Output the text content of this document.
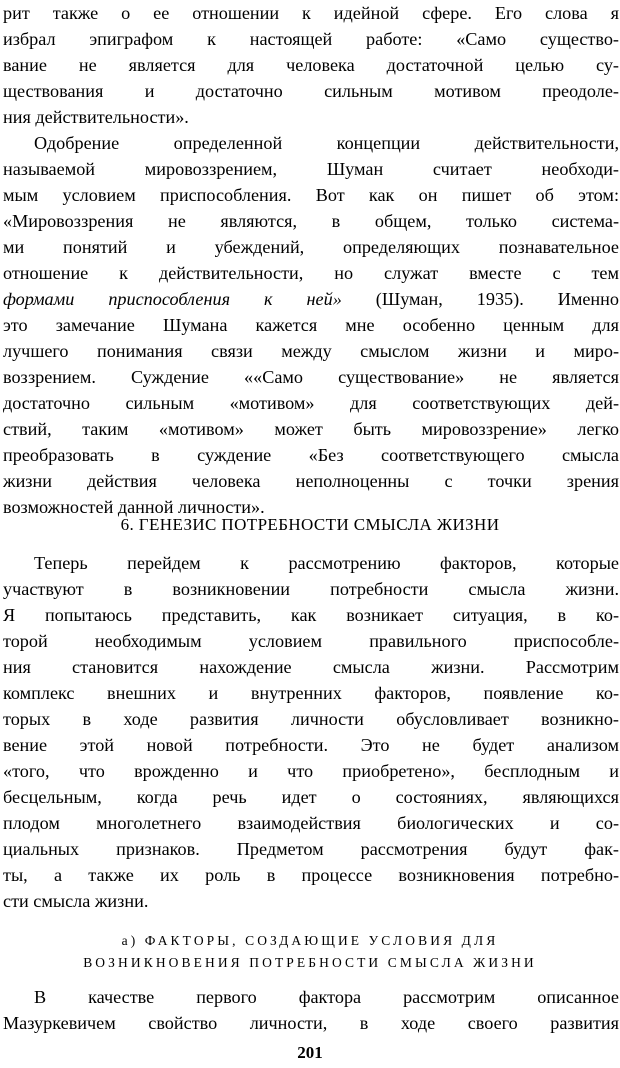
рит также о ее отношении к идейной сфере. Его слова я
избрал эпиграфом к настоящей работе: «Само существо-
вание не является для человека достаточной целью су-
ществования и достаточно сильным мотивом преодоле-
ния действительности».
Одобрение определенной концепции действительности,
называемой мировоззрением, Шуман считает необходи-
мым условием приспособления. Вот как он пишет об этом:
«Мировоззрения не являются, в общем, только система-
ми понятий и убеждений, определяющих познавательное
отношение к действительности, но служат вместе с тем
формами приспособления к ней» (Шуман, 1935). Именно
это замечание Шумана кажется мне особенно ценным для
лучшего понимания связи между смыслом жизни и миро-
воззрением. Суждение ««Само существование» не является
достаточно сильным «мотивом» для соответствующих дей-
ствий, таким «мотивом» может быть мировоззрение» легко
преобразовать в суждение «Без соответствующего смысла
жизни действия человека неполноценны с точки зрения
возможностей данной личности».
6. ГЕНЕЗИС ПОТРЕБНОСТИ СМЫСЛА ЖИЗНИ
Теперь перейдем к рассмотрению факторов, которые
участвуют в возникновении потребности смысла жизни.
Я попытаюсь представить, как возникает ситуация, в ко-
торой необходимым условием правильного приспособле-
ния становится нахождение смысла жизни. Рассмотрим
комплекс внешних и внутренних факторов, появление ко-
торых в ходе развития личности обусловливает возникно-
вение этой новой потребности. Это не будет анализом
«того, что врожденно и что приобретено», бесплодным и
бесцельным, когда речь идет о состояниях, являющихся
плодом многолетнего взаимодействия биологических и со-
циальных признаков. Предметом рассмотрения будут фак-
ты, а также их роль в процессе возникновения потребно-
сти смысла жизни.
а) ФАКТОРЫ, СОЗДАЮЩИЕ УСЛОВИЯ ДЛЯ
ВОЗНИКНОВЕНИЯ ПОТРЕБНОСТИ СМЫСЛА ЖИЗНИ
В качестве первого фактора рассмотрим описанное
Мазуркевичем свойство личности, в ходе своего развития
201
